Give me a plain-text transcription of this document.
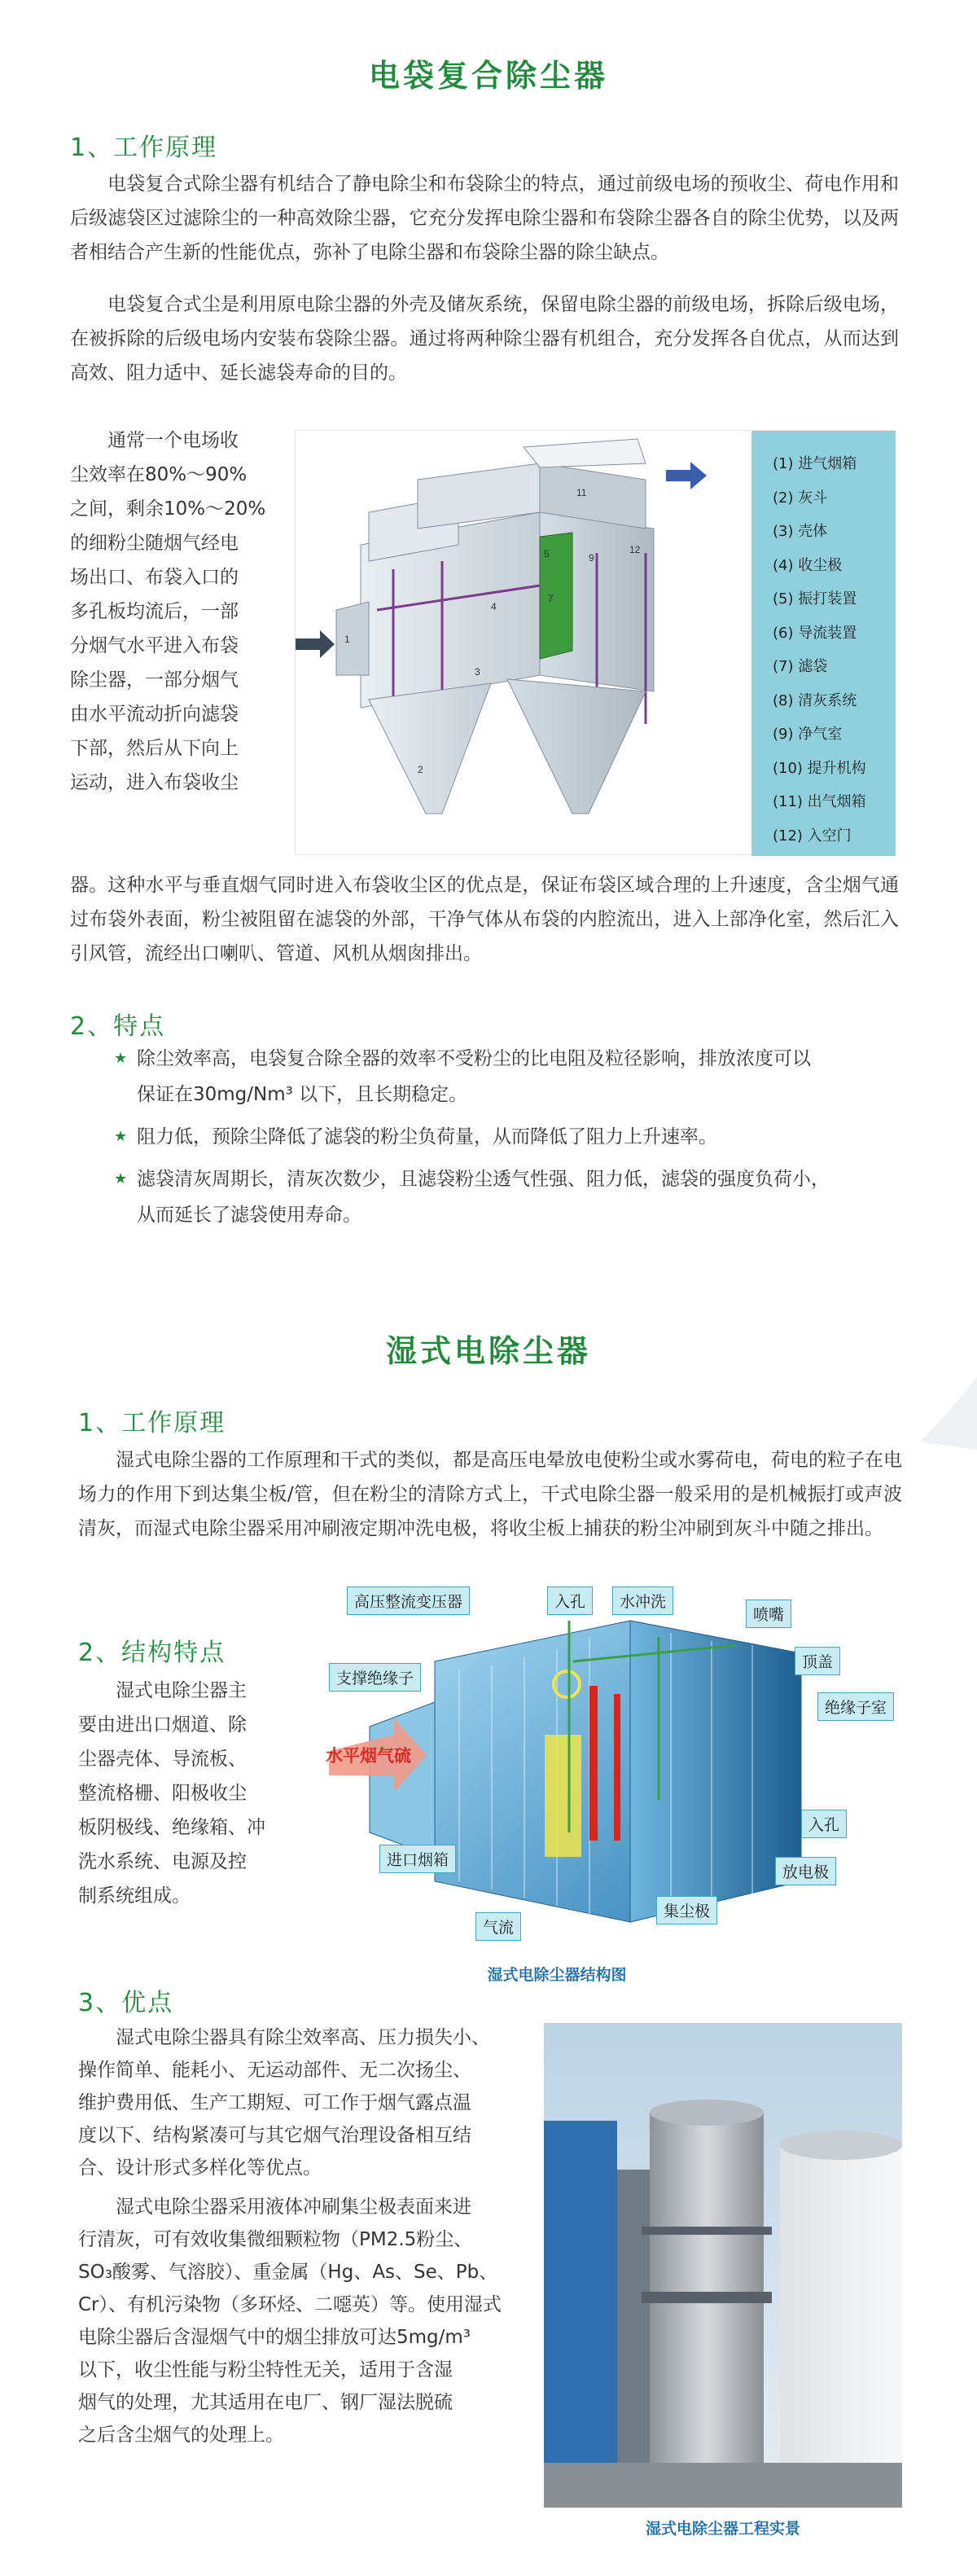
电袋复合除尘器
1、工作原理
电袋复合式除尘器有机结合了静电除尘和布袋除尘的特点，通过前级电场的预收尘、荷电作用和后级滤袋区过滤除尘的一种高效除尘器，它充分发挥电除尘器和布袋除尘器各自的除尘优势，以及两者相结合产生新的性能优点，弥补了电除尘器和布袋除尘器的除尘缺点。
电袋复合式尘是利用原电除尘器的外壳及储灰系统，保留电除尘器的前级电场，拆除后级电场，在被拆除的后级电场内安装布袋除尘器。通过将两种除尘器有机组合，充分发挥各自优点，从而达到高效、阻力适中、延长滤袋寿命的目的。
通常一个电场收
尘效率在80%～90%
之间，剩余10%～20%
的细粉尘随烟气经电
场出口、布袋入口的
多孔板均流后，一部
分烟气水平进入布袋
除尘器，一部分烟气
由水平流动折向滤袋
下部，然后从下向上
运动，进入布袋收尘
1
2
3
4
5
7
11
12
9
(1) 进气烟箱
(2) 灰斗
(3) 壳体
(4) 收尘极
(5) 振打装置
(6) 导流装置
(7) 滤袋
(8) 清灰系统
(9) 净气室
(10) 提升机构
(11) 出气烟箱
(12) 入空门
器。这种水平与垂直烟气同时进入布袋收尘区的优点是，保证布袋区域合理的上升速度，含尘烟气通过布袋外表面，粉尘被阻留在滤袋的外部，干净气体从布袋的内腔流出，进入上部净化室，然后汇入引风管，流经出口喇叭、管道、风机从烟囱排出。
2、特点
★ 除尘效率高，电袋复合除全器的效率不受粉尘的比电阻及粒径影响，排放浓度可以
保证在30mg/Nm³ 以下，且长期稳定。
★ 阻力低，预除尘降低了滤袋的粉尘负荷量，从而降低了阻力上升速率。
★ 滤袋清灰周期长，清灰次数少，且滤袋粉尘透气性强、阻力低，滤袋的强度负荷小，
从而延长了滤袋使用寿命。
湿式电除尘器
1、工作原理
湿式电除尘器的工作原理和干式的类似，都是高压电晕放电使粉尘或水雾荷电，荷电的粒子在电场力的作用下到达集尘板/管，但在粉尘的清除方式上，干式电除尘器一般采用的是机械振打或声波清灰，而湿式电除尘器采用冲刷液定期冲洗电极，将收尘板上捕获的粉尘冲刷到灰斗中随之排出。
2、结构特点
湿式电除尘器主
要由进出口烟道、除
尘器壳体、导流板、
整流格栅、阳极收尘
板阴极线、绝缘箱、冲
洗水系统、电源及控
制系统组成。
高压整流变压器	入孔	水冲洗
喷嘴
顶盖
绝缘子室
支撑绝缘子
入孔
进口烟箱
放电极
集尘极
气流
水平烟气硫
湿式电除尘器结构图
3、优点
湿式电除尘器具有除尘效率高、压力损失小、
操作简单、能耗小、无运动部件、无二次扬尘、
维护费用低、生产工期短、可工作于烟气露点温
度以下、结构紧凑可与其它烟气治理设备相互结
合、设计形式多样化等优点。
湿式电除尘器采用液体冲刷集尘极表面来进
行清灰，可有效收集微细颗粒物（PM2.5粉尘、
SO₃酸雾、气溶胶）、重金属（Hg、As、Se、Pb、
Cr）、有机污染物（多环烃、二噁英）等。使用湿式
电除尘器后含湿烟气中的烟尘排放可达5mg/m³
以下，收尘性能与粉尘特性无关，适用于含湿
烟气的处理，尤其适用在电厂、钢厂湿法脱硫
之后含尘烟气的处理上。
湿式电除尘器工程实景
